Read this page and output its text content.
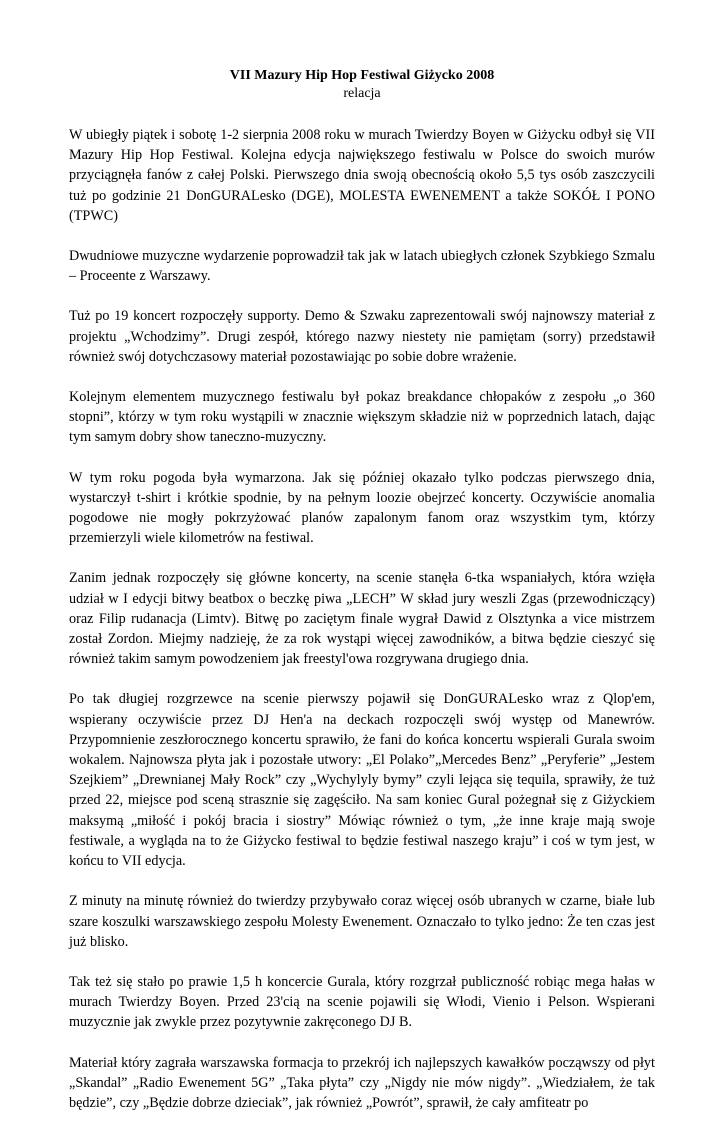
VII Mazury Hip Hop Festiwal Giżycko 2008
relacja

W ubiegły piątek i sobotę 1-2 sierpnia 2008 roku w murach Twierdzy Boyen w Giżycku odbył się VII Mazury Hip Hop Festiwal. Kolejna edycja największego festiwalu w Polsce do swoich murów przyciągnęła fanów z całej Polski. Pierwszego dnia swoją obecnością około 5,5 tys osób zaszczycili tuż po godzinie 21 DonGURALesko (DGE), MOLESTA EWENEMENT a także SOKÓŁ I PONO (TPWC)

Dwudniowe muzyczne wydarzenie poprowadził tak jak w latach ubiegłych członek Szybkiego Szmalu – Proceente z Warszawy.

Tuż po 19 koncert rozpoczęły supporty. Demo & Szwaku zaprezentowali swój najnowszy materiał z projektu „Wchodzimy”. Drugi zespół, którego nazwy niestety nie pamiętam (sorry) przedstawił również swój dotychczasowy materiał pozostawiając po sobie dobre wrażenie.

Kolejnym elementem muzycznego festiwalu był pokaz breakdance chłopaków z zespołu „o 360 stopni”, którzy w tym roku wystąpili w znacznie większym składzie niż w poprzednich latach, dając tym samym dobry show taneczno-muzyczny.

W tym roku pogoda była wymarzona. Jak się później okazało tylko podczas pierwszego dnia, wystarczył t-shirt i krótkie spodnie, by na pełnym loozie obejrzeć koncerty. Oczywiście anomalia pogodowe nie mogły pokrzyżować planów zapalonym fanom oraz wszystkim tym, którzy przemierzyli wiele kilometrów na festiwal.

Zanim jednak rozpoczęły się główne koncerty, na scenie stanęła 6-tka wspaniałych, która wzięła udział w I edycji bitwy beatbox o beczkę piwa „LECH” W skład jury weszli Zgas (przewodniczący) oraz Filip rudanacja (Limtv). Bitwę po zaciętym finale wygrał Dawid z Olsztynka a vice mistrzem został Zordon. Miejmy nadzieję, że za rok wystąpi więcej zawodników, a bitwa będzie cieszyć się również takim samym powodzeniem jak freestyl'owa rozgrywana drugiego dnia.

Po tak długiej rozgrzewce na scenie pierwszy pojawił się DonGURALesko wraz z Qlop'em, wspierany oczywiście przez DJ Hen'a na deckach rozpoczęli swój występ od Manewrów. Przypomnienie zeszłorocznego koncertu sprawiło, że fani do końca koncertu wspierali Gurala swoim wokalem. Najnowsza płyta jak i pozostałe utwory: „El Polako”„Mercedes Benz” „Peryferie” „Jestem Szejkiem” „Drewnianej Mały Rock” czy „Wychylyly bymy” czyli lejąca się tequila, sprawiły, że tuż przed 22, miejsce pod sceną strasznie się zagęściło. Na sam koniec Gural pożegnał się z Giżyckiem maksymą „miłość i pokój bracia i siostry” Mówiąc również o tym, „że inne kraje mają swoje festiwale, a wygląda na to że Giżycko festiwal to będzie festiwal naszego kraju” i coś w tym jest, w końcu to VII edycja.

Z minuty na minutę również do twierdzy przybywało coraz więcej osób ubranych w czarne, białe lub szare koszulki warszawskiego zespołu Molesty Ewenement. Oznaczało to tylko jedno: Że ten czas jest już blisko.

Tak też się stało po prawie 1,5 h koncercie Gurala, który rozgrzał publiczność robiąc mega hałas w murach Twierdzy Boyen. Przed 23'cią na scenie pojawili się Włodi, Vienio i Pelson. Wspierani muzycznie jak zwykle przez pozytywnie zakręconego DJ B.

Materiał który zagrała warszawska formacja to przekrój ich najlepszych kawałków począwszy od płyt „Skandal” „Radio Ewenement 5G” „Taka płyta” czy „Nigdy nie mów nigdy”. „Wiedziałem, że tak będzie”, czy „Będzie dobrze dzieciak”, jak również „Powrót”, sprawił, że cały amfiteatr po
